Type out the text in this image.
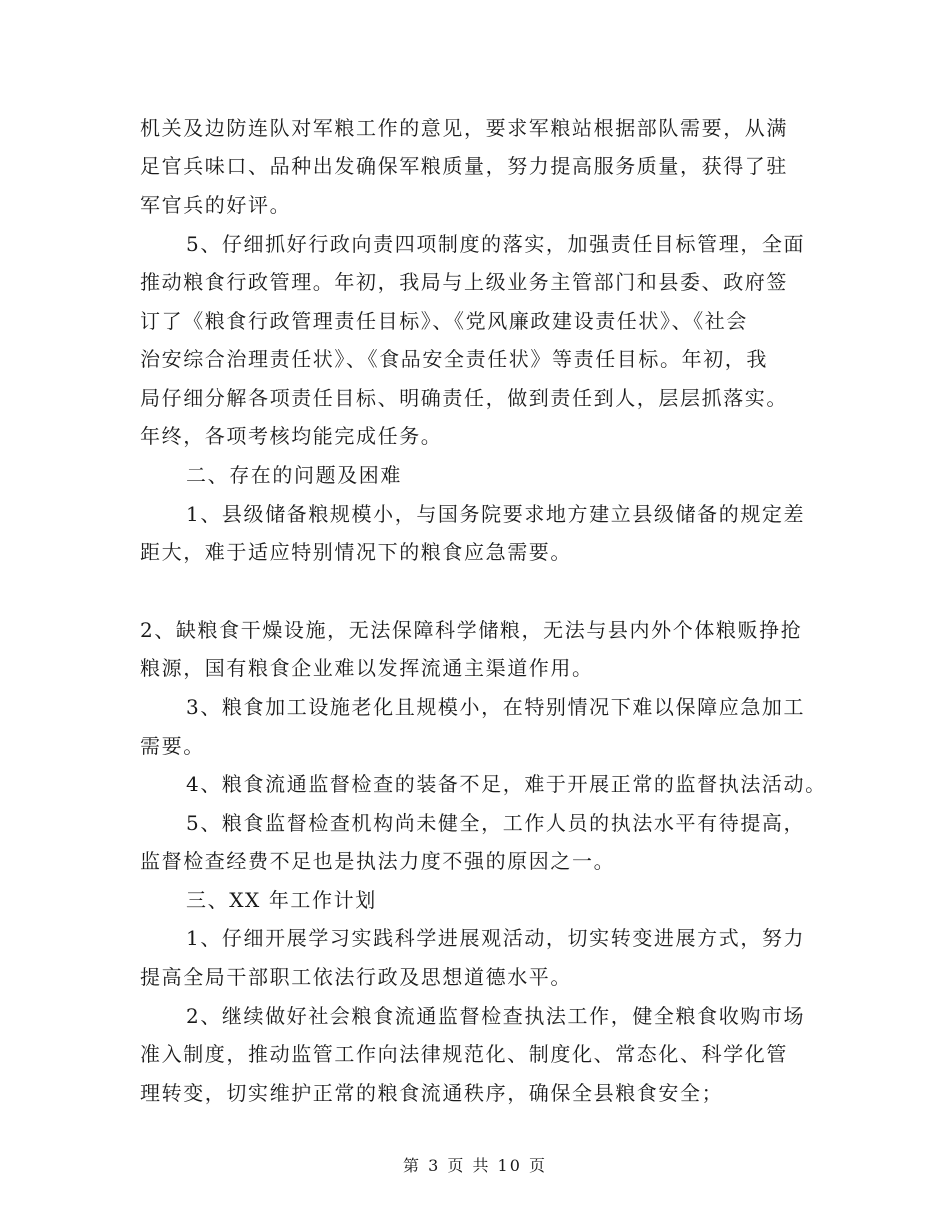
机关及边防连队对军粮工作的意见，要求军粮站根据部队需要，从满
足官兵味口、品种出发确保军粮质量，努力提高服务质量，获得了驻
军官兵的好评。
5、仔细抓好行政向责四项制度的落实，加强责任目标管理，全面
推动粮食行政管理。年初，我局与上级业务主管部门和县委、政府签
订了《粮食行政管理责任目标》、《党风廉政建设责任状》、《社会
治安综合治理责任状》、《食品安全责任状》等责任目标。年初，我
局仔细分解各项责任目标、明确责任，做到责任到人，层层抓落实。
年终，各项考核均能完成任务。
二、存在的问题及困难
1、县级储备粮规模小，与国务院要求地方建立县级储备的规定差
距大，难于适应特别情况下的粮食应急需要。
2、缺粮食干燥设施，无法保障科学储粮，无法与县内外个体粮贩挣抢
粮源，国有粮食企业难以发挥流通主渠道作用。
3、粮食加工设施老化且规模小，在特别情况下难以保障应急加工
需要。
4、粮食流通监督检查的装备不足，难于开展正常的监督执法活动。
5、粮食监督检查机构尚未健全，工作人员的执法水平有待提高，
监督检查经费不足也是执法力度不强的原因之一。
三、XX 年工作计划
1、仔细开展学习实践科学进展观活动，切实转变进展方式，努力
提高全局干部职工依法行政及思想道德水平。
2、继续做好社会粮食流通监督检查执法工作，健全粮食收购市场
准入制度，推动监管工作向法律规范化、制度化、常态化、科学化管
理转变，切实维护正常的粮食流通秩序，确保全县粮食安全；
第 3 页 共 10 页
